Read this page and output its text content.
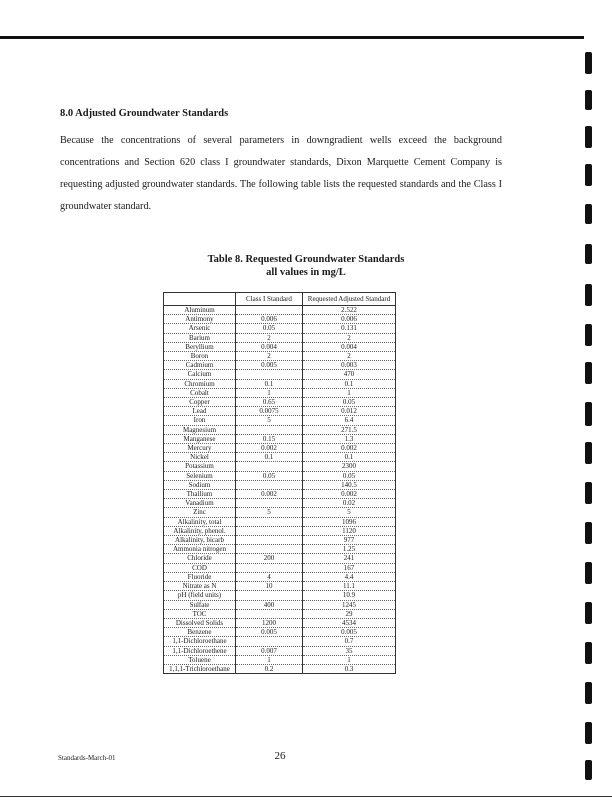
8.0 Adjusted Groundwater Standards
Because the concentrations of several parameters in downgradient wells exceed the background concentrations and Section 620 class I groundwater standards, Dixon Marquette Cement Company is requesting adjusted groundwater standards. The following table lists the requested standards and the Class I groundwater standard.
Table 8. Requested Groundwater Standards
all values in mg/L
	Class I Standard	Requested Adjusted Standard
Aluminum		2.522
Antimony	0.006	0.006
Arsenic	0.05	0.131
Barium	2	2
Beryllium	0.004	0.004
Boron	2	2
Cadmium	0.005	0.003
Calcium		470
Chromium	0.1	0.1
Cobalt	1	1
Copper	0.65	0.05
Lead	0.0075	0.012
Iron	5	6.4
Magnesium		271.5
Manganese	0.15	1.3
Mercury	0.002	0.002
Nickel	0.1	0.1
Potassium		2300
Selenium	0.05	0.05
Sodium		140.5
Thallium	0.002	0.002
Vanadium		0.02
Zinc	5	5
Alkalinity, total		1096
Alkalinity, phenol.		1120
Alkalinity, bicarb		977
Ammonia nitrogen		1.25
Chloride	200	241
COD		167
Fluoride	4	4.4
Nitrate as N	10	11.1
pH (field units)		10.9
Sulfate	400	1245
TOC		29
Dissolved Solids	1200	4534
Benzene	0.005	0.005
1,1-Dichloroethane		0.7
1,1-Dichloroethene	0.007	35
Toluene	1	1
1,1,1-Trichloroethane	0.2	0.3
Standards-March-01	26
